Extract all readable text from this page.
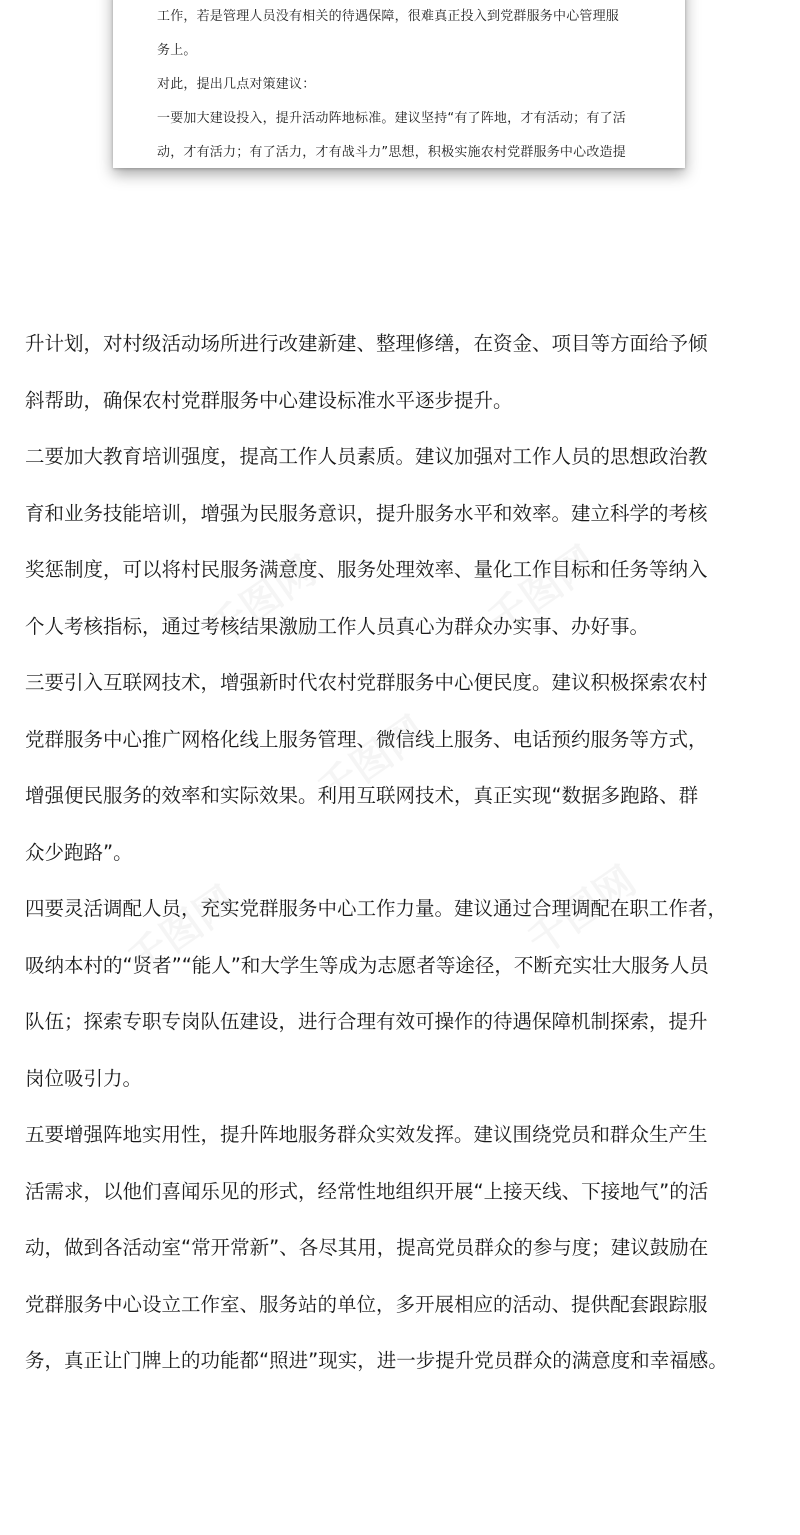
工作，若是管理人员没有相关的待遇保障，很难真正投入到党群服务中心管理服
务上。
对此，提出几点对策建议：
一要加大建设投入，提升活动阵地标准。建议坚持“有了阵地，才有活动；有了活
动，才有活力；有了活力，才有战斗力”思想，积极实施农村党群服务中心改造提
升计划，对村级活动场所进行改建新建、整理修缮，在资金、项目等方面给予倾
斜帮助，确保农村党群服务中心建设标准水平逐步提升。
二要加大教育培训强度，提高工作人员素质。建议加强对工作人员的思想政治教
育和业务技能培训，增强为民服务意识，提升服务水平和效率。建立科学的考核
奖惩制度，可以将村民服务满意度、服务处理效率、量化工作目标和任务等纳入
个人考核指标，通过考核结果激励工作人员真心为群众办实事、办好事。
三要引入互联网技术，增强新时代农村党群服务中心便民度。建议积极探索农村
党群服务中心推广网格化线上服务管理、微信线上服务、电话预约服务等方式，
增强便民服务的效率和实际效果。利用互联网技术，真正实现“数据多跑路、群
众少跑路”。
四要灵活调配人员，充实党群服务中心工作力量。建议通过合理调配在职工作者，
吸纳本村的“贤者”“能人”和大学生等成为志愿者等途径，不断充实壮大服务人员
队伍；探索专职专岗队伍建设，进行合理有效可操作的待遇保障机制探索，提升
岗位吸引力。
五要增强阵地实用性，提升阵地服务群众实效发挥。建议围绕党员和群众生产生
活需求，以他们喜闻乐见的形式，经常性地组织开展“上接天线、下接地气”的活
动，做到各活动室“常开常新”、各尽其用，提高党员群众的参与度；建议鼓励在
党群服务中心设立工作室、服务站的单位，多开展相应的活动、提供配套跟踪服
务，真正让门牌上的功能都“照进”现实，进一步提升党员群众的满意度和幸福感。
千图网	千图网
千图网
千图网	千图网
